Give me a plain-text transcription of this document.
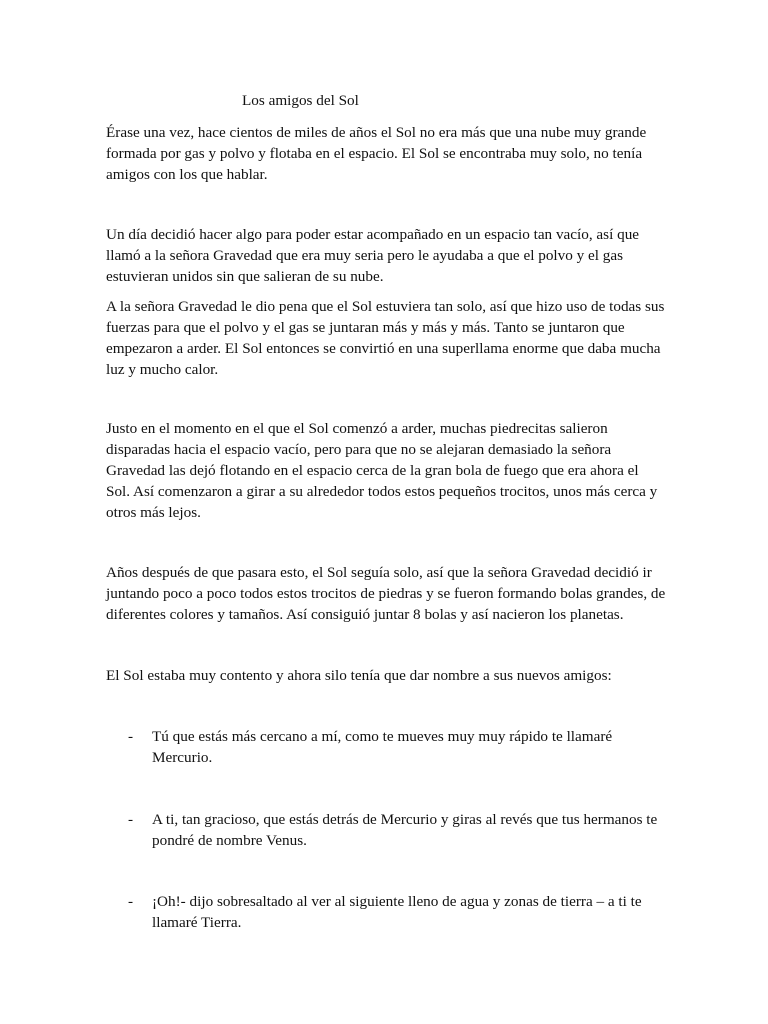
Los amigos del Sol

Érase una vez, hace cientos de miles de años el Sol no era más que una nube muy grande
formada por gas y polvo y flotaba en el espacio. El Sol se encontraba muy solo, no tenía
amigos con los que hablar.

Un día decidió hacer algo para poder estar acompañado en un espacio tan vacío, así que
llamó a la señora Gravedad que era muy seria pero le ayudaba a que el polvo y el gas
estuvieran unidos sin que salieran de su nube.

A la señora Gravedad le dio pena que el Sol estuviera tan solo, así que hizo uso de todas sus
fuerzas para que el polvo y el gas se juntaran más y más y más. Tanto se juntaron que
empezaron a arder. El Sol entonces se convirtió en una superllama enorme que daba mucha
luz y mucho calor.

Justo en el momento en el que el Sol comenzó a arder, muchas piedrecitas salieron
disparadas hacia el espacio vacío, pero para que no se alejaran demasiado la señora
Gravedad las dejó flotando en el espacio cerca de la gran bola de fuego que era ahora el
Sol. Así comenzaron a girar a su alrededor todos estos pequeños trocitos, unos más cerca y
otros más lejos.

Años después de que pasara esto, el Sol seguía solo, así que la señora Gravedad decidió ir
juntando poco a poco todos estos trocitos de piedras y se fueron formando bolas grandes, de
diferentes colores y tamaños. Así consiguió juntar 8 bolas y así nacieron los planetas.

El Sol estaba muy contento y ahora silo tenía que dar nombre a sus nuevos amigos:

- Tú que estás más cercano a mí, como te mueves muy muy rápido te llamaré
Mercurio.
- A ti, tan gracioso, que estás detrás de Mercurio y giras al revés que tus hermanos te
pondré de nombre Venus.
- ¡Oh!- dijo sobresaltado al ver al siguiente lleno de agua y zonas de tierra – a ti te
llamaré Tierra.
